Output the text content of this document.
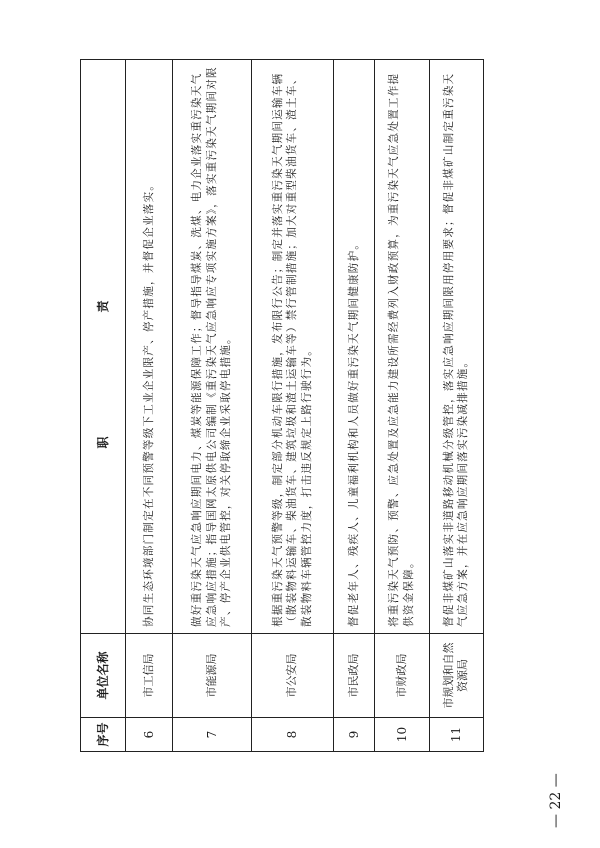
序号	单位名称	职　责
6	市工信局	协同生态环境部门制定在不同预警等级下工业企业限产、停产措施，并督促企业落实。
7	市能源局	做好重污染天气应急响应期间电力、煤炭等能源保障工作；督导指导煤炭、洗煤、电力企业落实重污染天气应急响应措施；指导国网太原供电公司编制《重污染天气应急响应专项实施方案》，落实重污染天气期间对限产、停产企业供电管控，对关停取缔企业采取停电措施。
8	市公安局	根据重污染天气预警等级，制定部分机动车限行措施，发布限行公告；制定并落实重污染天气期间运输车辆（散装物料运输车、柴油货车、建筑垃圾和渣土运输车等）禁行管制措施；加大对重型柴油货车、渣土车、散装物料车辆管控力度，打击违反规定上路行驶行为。
9	市民政局	督促老年人、残疾人、儿童福利机构和人员做好重污染天气期间健康防护。
10	市财政局	将重污染天气预防、预警、应急处置及应急能力建设所需经费列入财政预算，为重污染天气应急处置工作提供资金保障。
11	市规划和自然资源局	督促非煤矿山落实非道路移动机械分级管控，落实应急响应期间限用停用要求；督促非煤矿山制定重污染天气应急方案，并在应急响应期间落实污染减排措施。
— 22 —
